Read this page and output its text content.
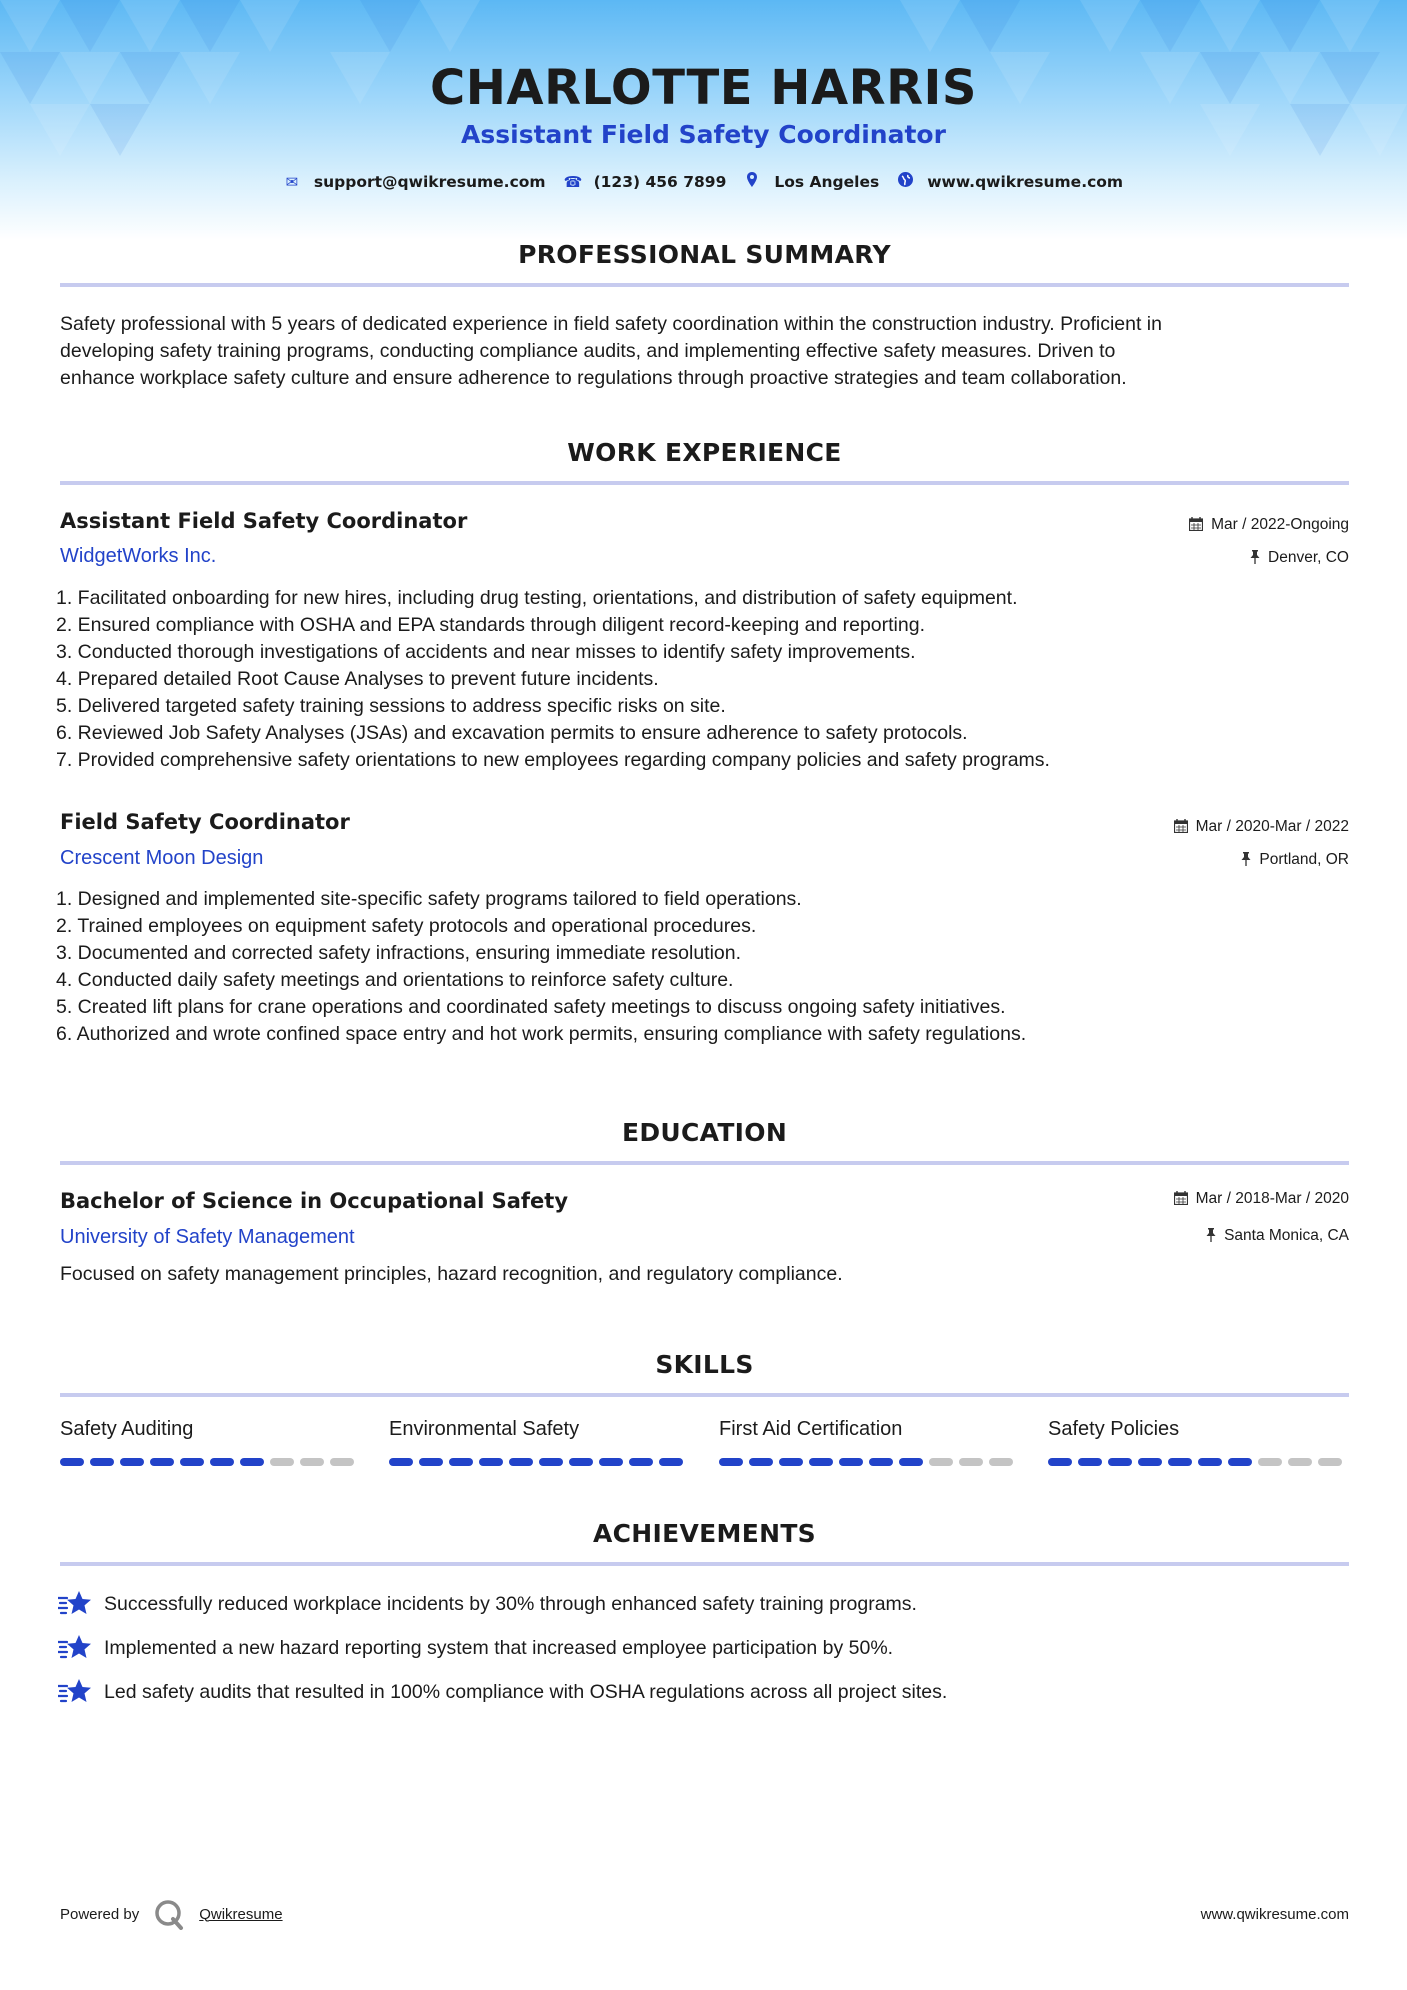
CHARLOTTE HARRIS
Assistant Field Safety Coordinator
✉ support@qwikresume.com ☎ (123) 456 7899	Los Angeles	www.qwikresume.com
PROFESSIONAL SUMMARY
Safety professional with 5 years of dedicated experience in field safety coordination within the construction industry. Proficient in
developing safety training programs, conducting compliance audits, and implementing effective safety measures. Driven to
enhance workplace safety culture and ensure adherence to regulations through proactive strategies and team collaboration.
WORK EXPERIENCE
Assistant Field Safety Coordinator	Mar / 2022-Ongoing
WidgetWorks Inc.	Denver, CO
1. Facilitated onboarding for new hires, including drug testing, orientations, and distribution of safety equipment.
2. Ensured compliance with OSHA and EPA standards through diligent record-keeping and reporting.
3. Conducted thorough investigations of accidents and near misses to identify safety improvements.
4. Prepared detailed Root Cause Analyses to prevent future incidents.
5. Delivered targeted safety training sessions to address specific risks on site.
6. Reviewed Job Safety Analyses (JSAs) and excavation permits to ensure adherence to safety protocols.
7. Provided comprehensive safety orientations to new employees regarding company policies and safety programs.
Field Safety Coordinator	Mar / 2020-Mar / 2022
Crescent Moon Design	Portland, OR
1. Designed and implemented site-specific safety programs tailored to field operations.
2. Trained employees on equipment safety protocols and operational procedures.
3. Documented and corrected safety infractions, ensuring immediate resolution.
4. Conducted daily safety meetings and orientations to reinforce safety culture.
5. Created lift plans for crane operations and coordinated safety meetings to discuss ongoing safety initiatives.
6. Authorized and wrote confined space entry and hot work permits, ensuring compliance with safety regulations.
EDUCATION
Bachelor of Science in Occupational Safety	Mar / 2018-Mar / 2020
University of Safety Management	Santa Monica, CA
Focused on safety management principles, hazard recognition, and regulatory compliance.
SKILLS
Safety Auditing	Environmental Safety	First Aid Certification	Safety Policies
ACHIEVEMENTS
Successfully reduced workplace incidents by 30% through enhanced safety training programs.
Implemented a new hazard reporting system that increased employee participation by 50%.
Led safety audits that resulted in 100% compliance with OSHA regulations across all project sites.
Powered by	Qwikresume	www.qwikresume.com
